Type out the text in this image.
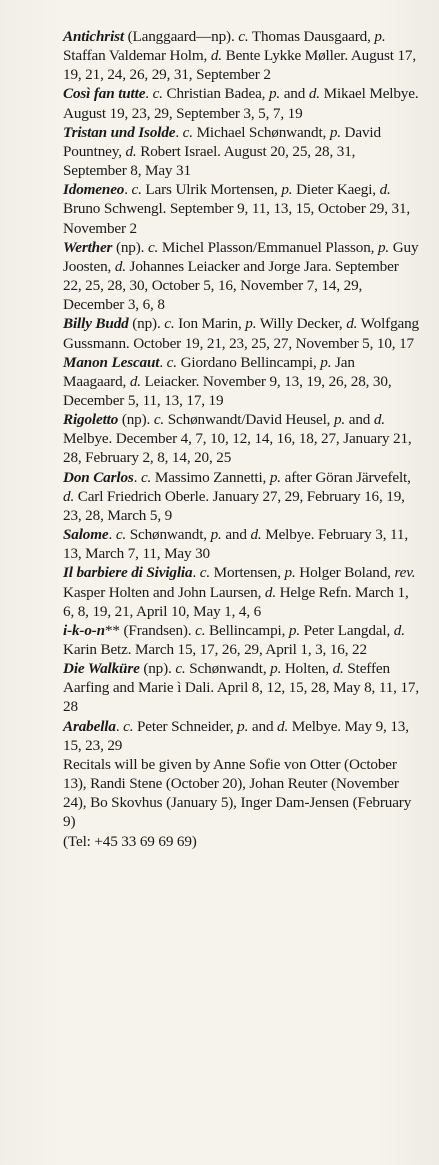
Antichrist (Langgaard—np). c. Thomas Dausgaard, p. Staffan Valdemar Holm, d. Bente Lykke Møller. August 17, 19, 21, 24, 26, 29, 31, September 2

Così fan tutte. c. Christian Badea, p. and d. Mikael Melbye. August 19, 23, 29, September 3, 5, 7, 19

Tristan und Isolde. c. Michael Schønwandt, p. David Pountney, d. Robert Israel. August 20, 25, 28, 31, September 8, May 31

Idomeneo. c. Lars Ulrik Mortensen, p. Dieter Kaegi, d. Bruno Schwengl. September 9, 11, 13, 15, October 29, 31, November 2

Werther (np). c. Michel Plasson/Emmanuel Plasson, p. Guy Joosten, d. Johannes Leiacker and Jorge Jara. September 22, 25, 28, 30, October 5, 16, November 7, 14, 29, December 3, 6, 8

Billy Budd (np). c. Ion Marin, p. Willy Decker, d. Wolfgang Gussmann. October 19, 21, 23, 25, 27, November 5, 10, 17

Manon Lescaut. c. Giordano Bellincampi, p. Jan Maagaard, d. Leiacker. November 9, 13, 19, 26, 28, 30, December 5, 11, 13, 17, 19

Rigoletto (np). c. Schønwandt/David Heusel, p. and d. Melbye. December 4, 7, 10, 12, 14, 16, 18, 27, January 21, 28, February 2, 8, 14, 20, 25

Don Carlos. c. Massimo Zannetti, p. after Göran Järvefelt, d. Carl Friedrich Oberle. January 27, 29, February 16, 19, 23, 28, March 5, 9

Salome. c. Schønwandt, p. and d. Melbye. February 3, 11, 13, March 7, 11, May 30

Il barbiere di Siviglia. c. Mortensen, p. Holger Boland, rev. Kasper Holten and John Laursen, d. Helge Refn. March 1, 6, 8, 19, 21, April 10, May 1, 4, 6

i-k-o-n** (Frandsen). c. Bellincampi, p. Peter Langdal, d. Karin Betz. March 15, 17, 26, 29, April 1, 3, 16, 22

Die Walküre (np). c. Schønwandt, p. Holten, d. Steffen Aarfing and Marie ì Dali. April 8, 12, 15, 28, May 8, 11, 17, 28

Arabella. c. Peter Schneider, p. and d. Melbye. May 9, 13, 15, 23, 29

Recitals will be given by Anne Sofie von Otter (October 13), Randi Stene (October 20), Johan Reuter (November 24), Bo Skovhus (January 5), Inger Dam-Jensen (February 9)

(Tel: +45 33 69 69 69)
